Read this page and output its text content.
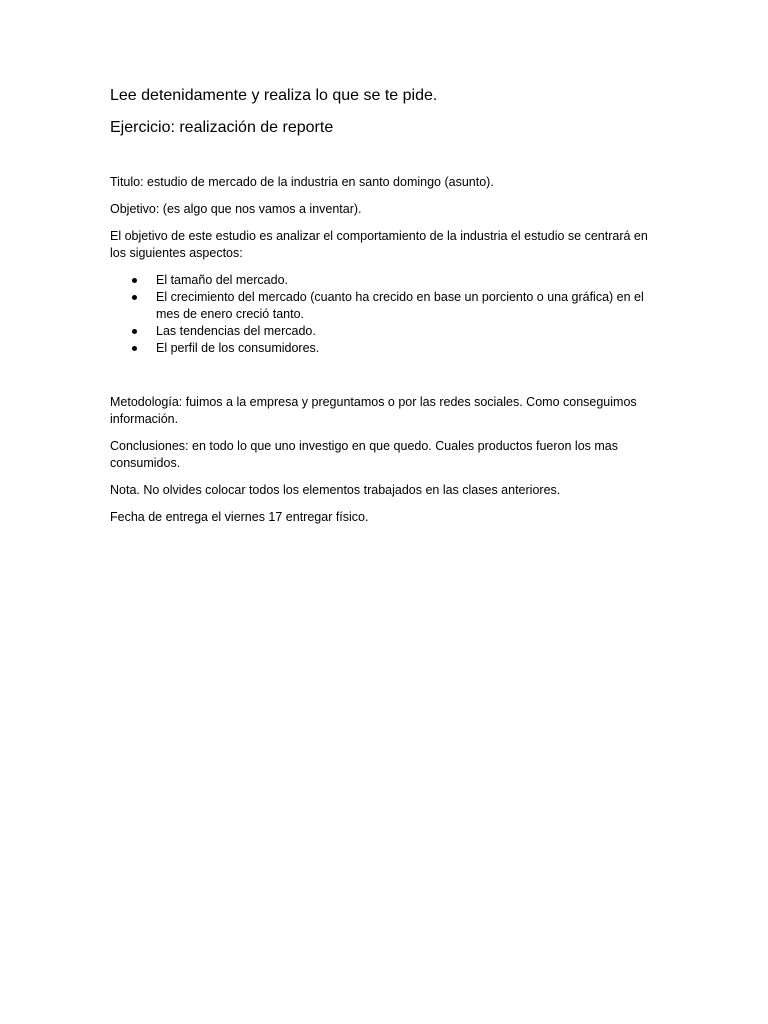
Lee detenidamente y realiza lo que se te pide.

Ejercicio: realización de reporte

Titulo: estudio de mercado de la industria en santo domingo (asunto).

Objetivo: (es algo que nos vamos a inventar).

El objetivo de este estudio es analizar el comportamiento de la industria el estudio se centrará en los siguientes aspectos:

El tamaño del mercado.
El crecimiento del mercado (cuanto ha crecido en base un porciento o una gráfica) en el mes de enero creció tanto.
Las tendencias del mercado.
El perfil de los consumidores.

Metodología: fuimos a la empresa y preguntamos o por las redes sociales. Como conseguimos información.

Conclusiones: en todo lo que uno investigo en que quedo. Cuales productos fueron los mas consumidos.

Nota. No olvides colocar todos los elementos trabajados en las clases anteriores.

Fecha de entrega el viernes 17 entregar físico.
